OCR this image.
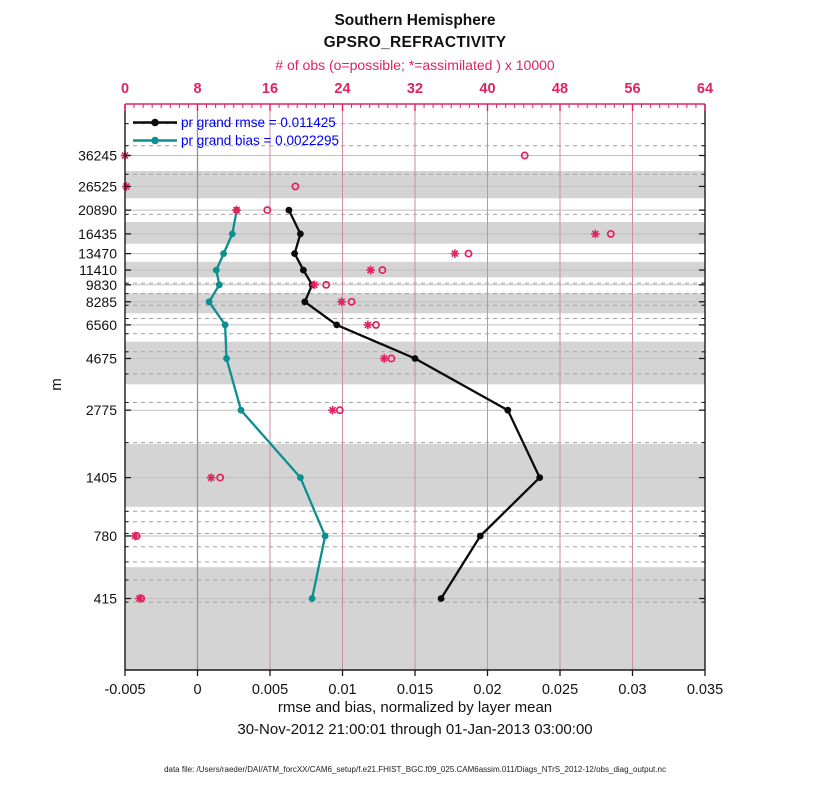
-0.005	0	0.005	0.01	0.015	0.02	0.025	0.03	0.035
0	8	16	24	32	40	48	56	64
36245
26525
20890
16435
13470
11410
9830
8285
6560
4675
2775
1405
780
415
Southern Hemisphere
GPSRO_REFRACTIVITY
# of obs (o=possible; *=assimilated ) x 10000
m
pr grand rmse = 0.011425
pr grand bias = 0.0022295
rmse and bias, normalized by layer mean
30-Nov-2012 21:00:01 through 01-Jan-2013 03:00:00
data file: /Users/raeder/DAI/ATM_forcXX/CAM6_setup/f.e21.FHIST_BGC.f09_025.CAM6assim.011/Diags_NTrS_2012-12/obs_diag_output.nc
